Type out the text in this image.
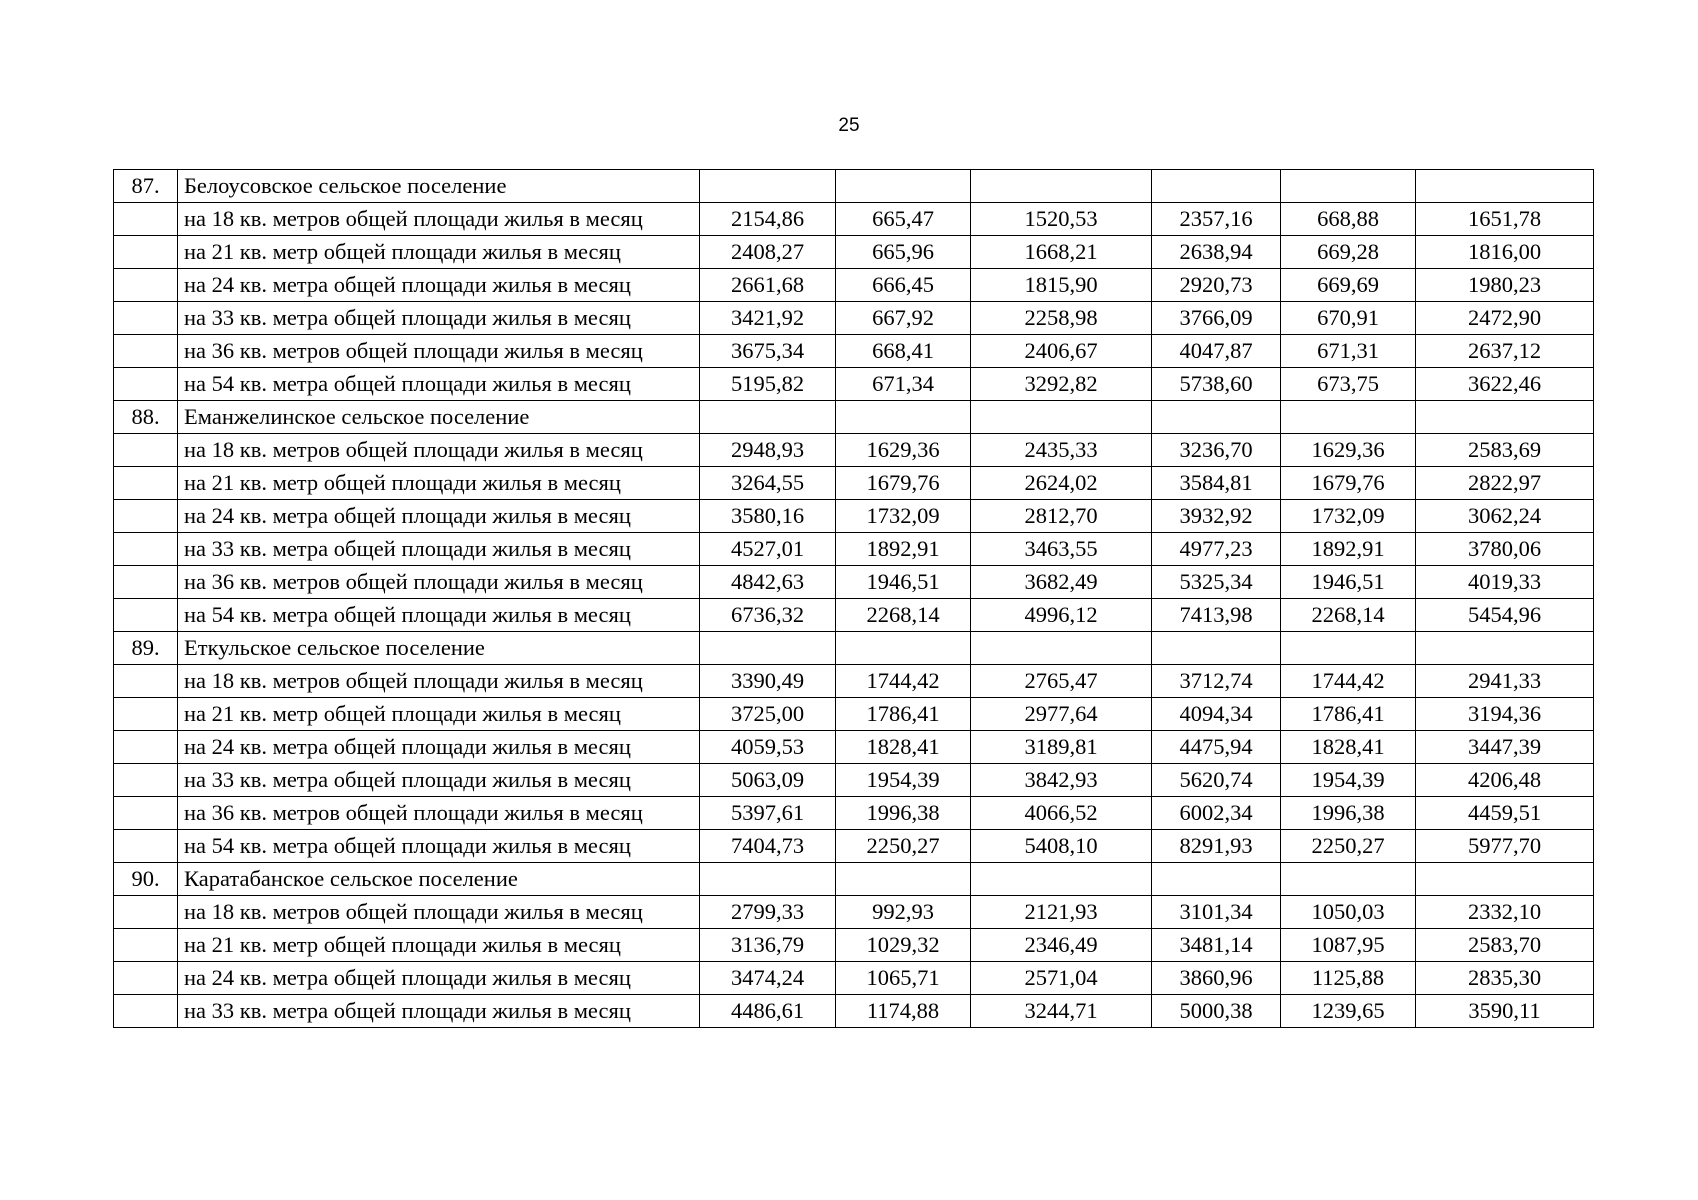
25
87.	Белоусовское сельское поселение						
	на 18 кв. метров общей площади жилья в месяц	2154,86	665,47	1520,53	2357,16	668,88	1651,78
	на 21 кв. метр общей площади жилья в месяц	2408,27	665,96	1668,21	2638,94	669,28	1816,00
	на 24 кв. метра общей площади жилья в месяц	2661,68	666,45	1815,90	2920,73	669,69	1980,23
	на 33 кв. метра общей площади жилья в месяц	3421,92	667,92	2258,98	3766,09	670,91	2472,90
	на 36 кв. метров общей площади жилья в месяц	3675,34	668,41	2406,67	4047,87	671,31	2637,12
	на 54 кв. метра общей площади жилья в месяц	5195,82	671,34	3292,82	5738,60	673,75	3622,46
88.	Еманжелинское сельское поселение						
	на 18 кв. метров общей площади жилья в месяц	2948,93	1629,36	2435,33	3236,70	1629,36	2583,69
	на 21 кв. метр общей площади жилья в месяц	3264,55	1679,76	2624,02	3584,81	1679,76	2822,97
	на 24 кв. метра общей площади жилья в месяц	3580,16	1732,09	2812,70	3932,92	1732,09	3062,24
	на 33 кв. метра общей площади жилья в месяц	4527,01	1892,91	3463,55	4977,23	1892,91	3780,06
	на 36 кв. метров общей площади жилья в месяц	4842,63	1946,51	3682,49	5325,34	1946,51	4019,33
	на 54 кв. метра общей площади жилья в месяц	6736,32	2268,14	4996,12	7413,98	2268,14	5454,96
89.	Еткульское сельское поселение						
	на 18 кв. метров общей площади жилья в месяц	3390,49	1744,42	2765,47	3712,74	1744,42	2941,33
	на 21 кв. метр общей площади жилья в месяц	3725,00	1786,41	2977,64	4094,34	1786,41	3194,36
	на 24 кв. метра общей площади жилья в месяц	4059,53	1828,41	3189,81	4475,94	1828,41	3447,39
	на 33 кв. метра общей площади жилья в месяц	5063,09	1954,39	3842,93	5620,74	1954,39	4206,48
	на 36 кв. метров общей площади жилья в месяц	5397,61	1996,38	4066,52	6002,34	1996,38	4459,51
	на 54 кв. метра общей площади жилья в месяц	7404,73	2250,27	5408,10	8291,93	2250,27	5977,70
90.	Каратабанское сельское поселение						
	на 18 кв. метров общей площади жилья в месяц	2799,33	992,93	2121,93	3101,34	1050,03	2332,10
	на 21 кв. метр общей площади жилья в месяц	3136,79	1029,32	2346,49	3481,14	1087,95	2583,70
	на 24 кв. метра общей площади жилья в месяц	3474,24	1065,71	2571,04	3860,96	1125,88	2835,30
	на 33 кв. метра общей площади жилья в месяц	4486,61	1174,88	3244,71	5000,38	1239,65	3590,11
